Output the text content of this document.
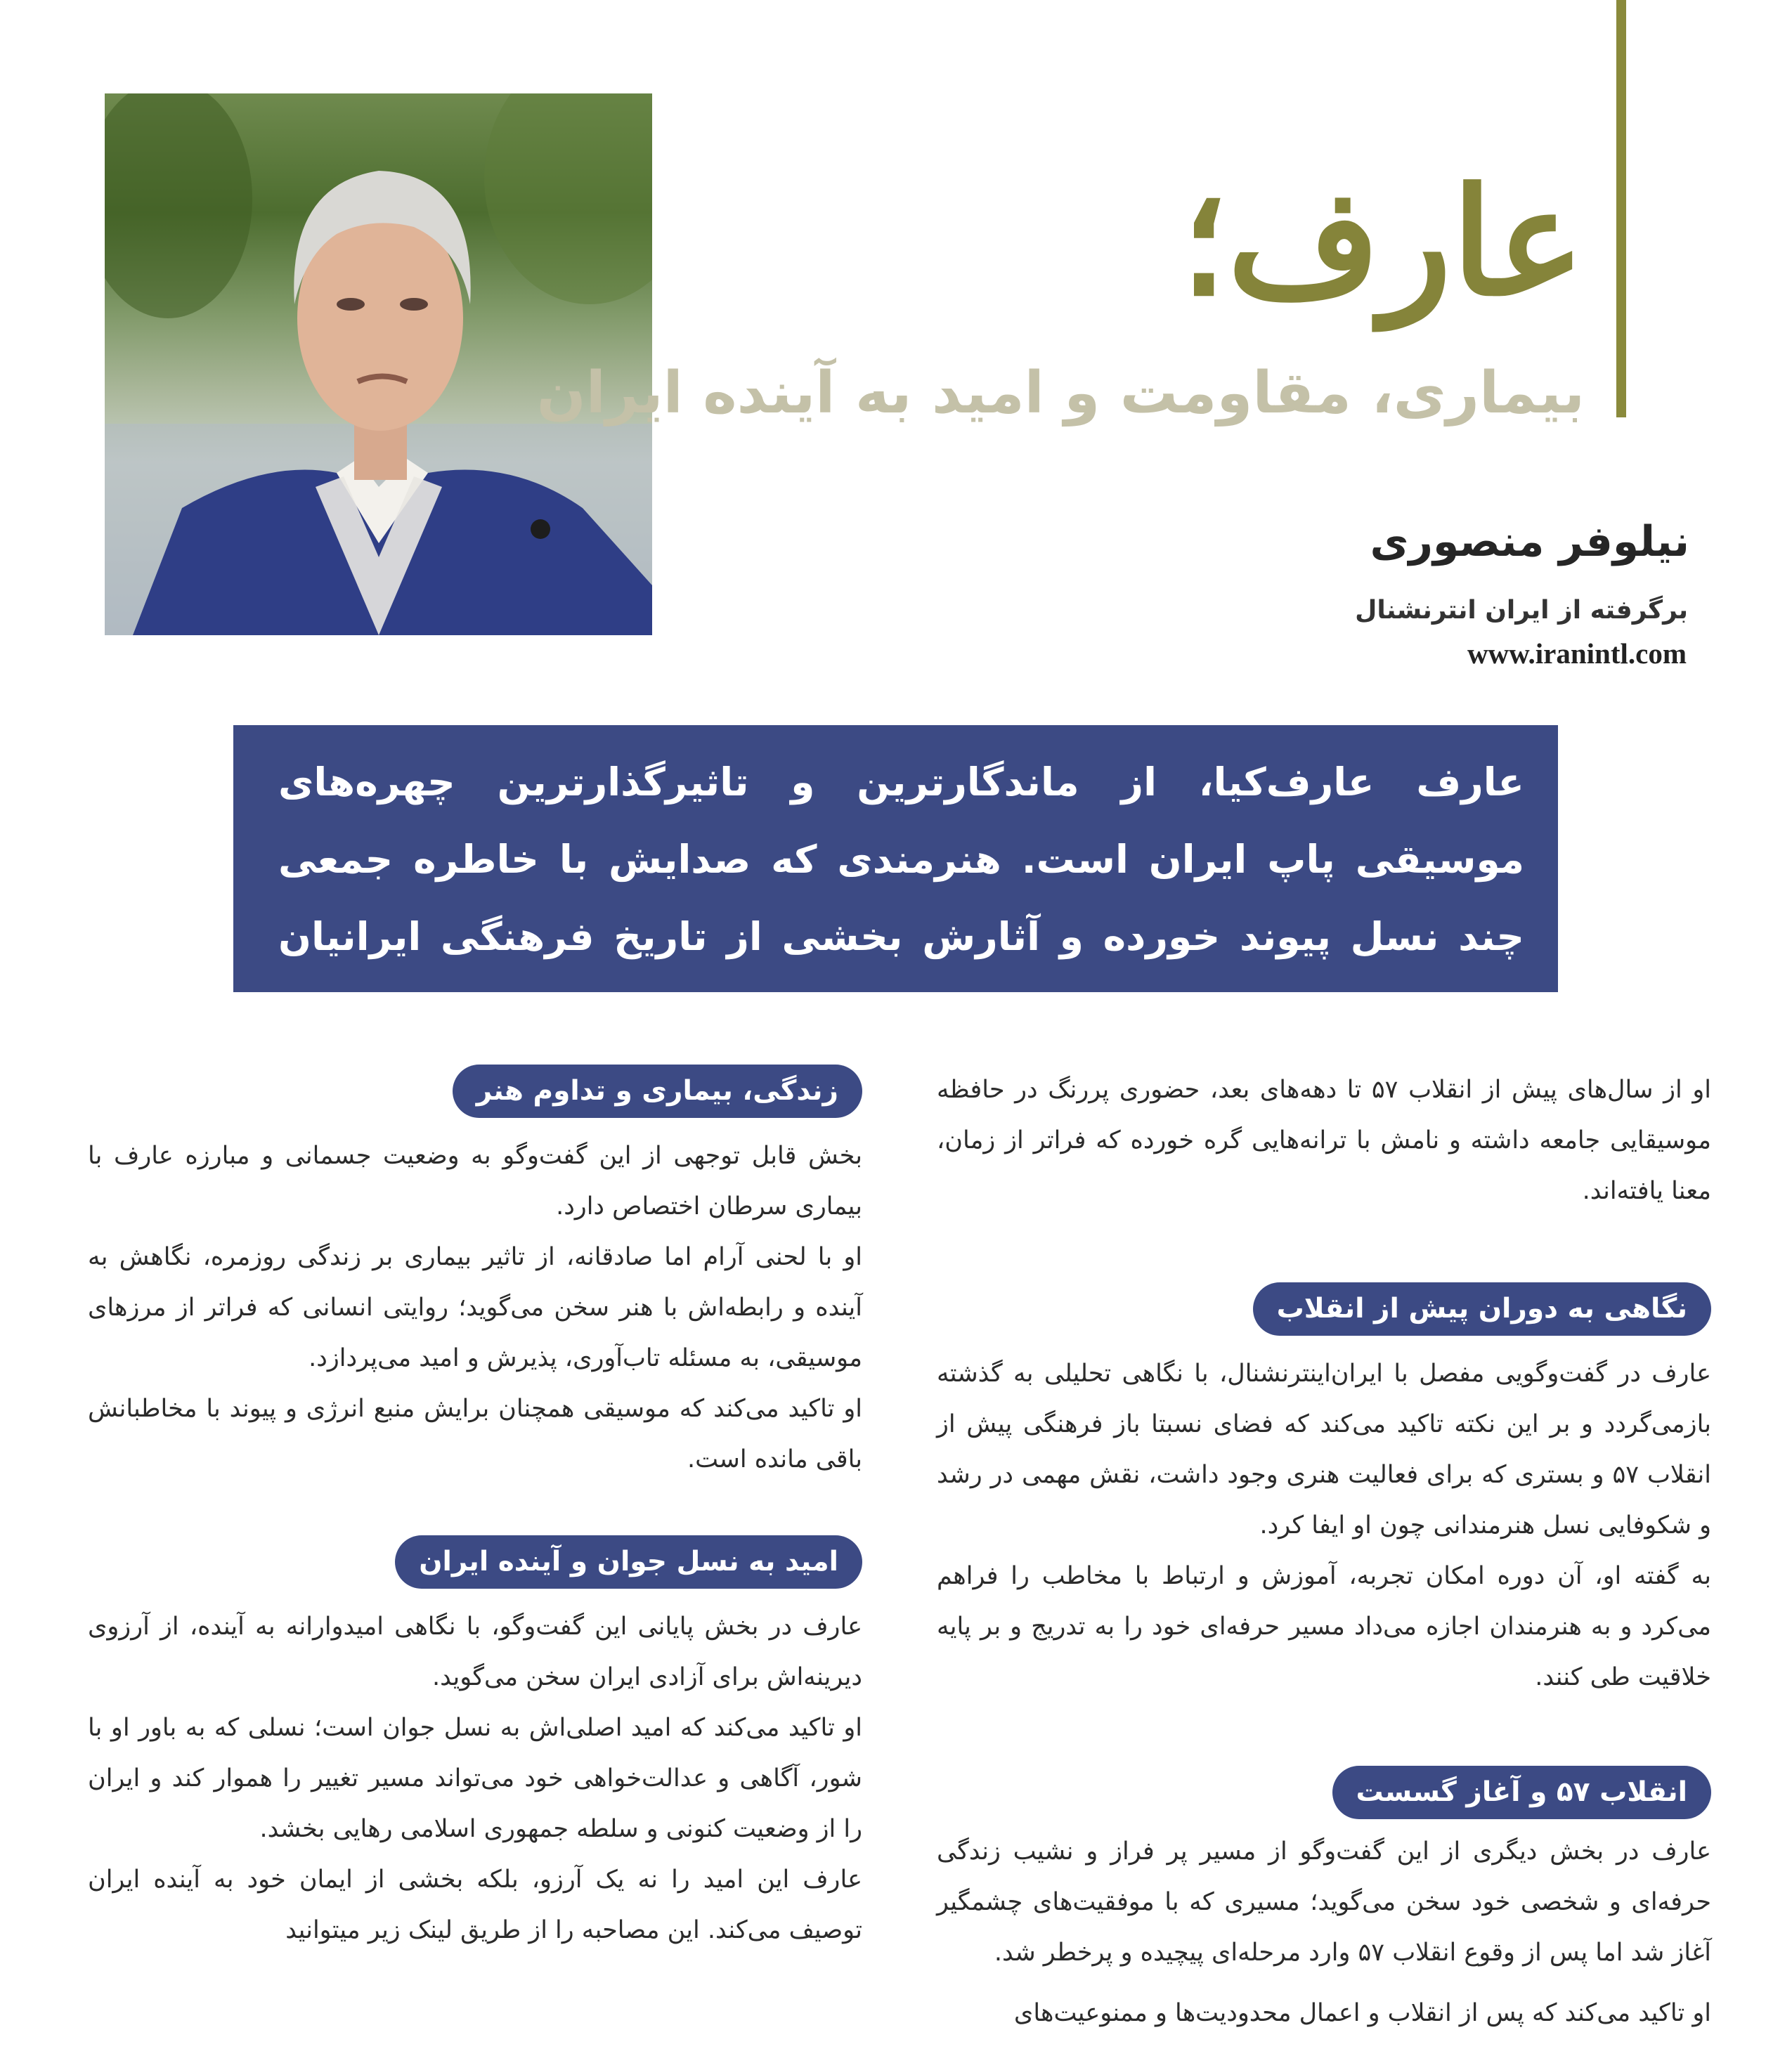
عارف؛
بیماری، مقاومت و امید به آینده ایران
نیلوفر منصوری
برگرفته از ایران انترنشنال
www.iranintl.com
عارف عارف‌کیا، از ماندگارترین و تاثیرگذارترین چهره‌های موسیقی پاپ ایران است. هنرمندی که صدایش با خاطره جمعی چند نسل پیوند خورده و آثارش بخشی از تاریخ فرهنگی ایرانیان محسوب می‌شود.

او از سال‌های پیش از انقلاب ۵۷ تا دهه‌های بعد، حضوری پررنگ در حافظه موسیقایی جامعه داشته و نامش با ترانه‌هایی گره خورده که فراتر از زمان، معنا یافته‌اند.

نگاهی به دوران پیش از انقلاب

عارف در گفت‌وگویی مفصل با ایران‌اینترنشنال، با نگاهی تحلیلی به گذشته بازمی‌گردد و بر این نکته تاکید می‌کند که فضای نسبتا باز فرهنگی پیش از انقلاب ۵۷ و بستری که برای فعالیت هنری وجود داشت، نقش مهمی در رشد و شکوفایی نسل هنرمندانی چون او ایفا کرد.

به گفته او، آن دوره امکان تجربه، آموزش و ارتباط با مخاطب را فراهم می‌کرد و به هنرمندان اجازه می‌داد مسیر حرفه‌ای خود را به تدریج و بر پایه خلاقیت طی کنند.

انقلاب ۵۷ و آغاز گسست

عارف در بخش دیگری از این گفت‌وگو از مسیر پر فراز و نشیب زندگی حرفه‌ای و شخصی خود سخن می‌گوید؛ مسیری که با موفقیت‌های چشمگیر آغاز شد اما پس از وقوع انقلاب ۵۷ وارد مرحله‌ای پیچیده و پرخطر شد.

او تاکید می‌کند که پس از انقلاب و اعمال محدودیت‌ها و ممنوعیت‌های

زندگی، بیماری و تداوم هنر

بخش قابل توجهی از این گفت‌وگو به وضعیت جسمانی و مبارزه عارف با بیماری سرطان اختصاص دارد.

او با لحنی آرام اما صادقانه، از تاثیر بیماری بر زندگی روزمره، نگاهش به آینده و رابطه‌اش با هنر سخن می‌گوید؛ روایتی انسانی که فراتر از مرزهای موسیقی، به مسئله تاب‌آوری، پذیرش و امید می‌پردازد.

او تاکید می‌کند که موسیقی همچنان برایش منبع انرژی و پیوند با مخاطبانش باقی مانده است.

امید به نسل جوان و آینده ایران

عارف در بخش پایانی این گفت‌وگو، با نگاهی امیدوارانه به آینده، از آرزوی دیرینه‌اش برای آزادی ایران سخن می‌گوید.

او تاکید می‌کند که امید اصلی‌اش به نسل جوان است؛ نسلی که به باور او با شور، آگاهی و عدالت‌خواهی خود می‌تواند مسیر تغییر را هموار کند و ایران را از وضعیت کنونی و سلطه جمهوری اسلامی رهایی بخشد.

عارف این امید را نه یک آرزو، بلکه بخشی از ایمان خود به آینده ایران توصیف می‌کند. این مصاحبه را از طریق لینک زیر میتوانید
